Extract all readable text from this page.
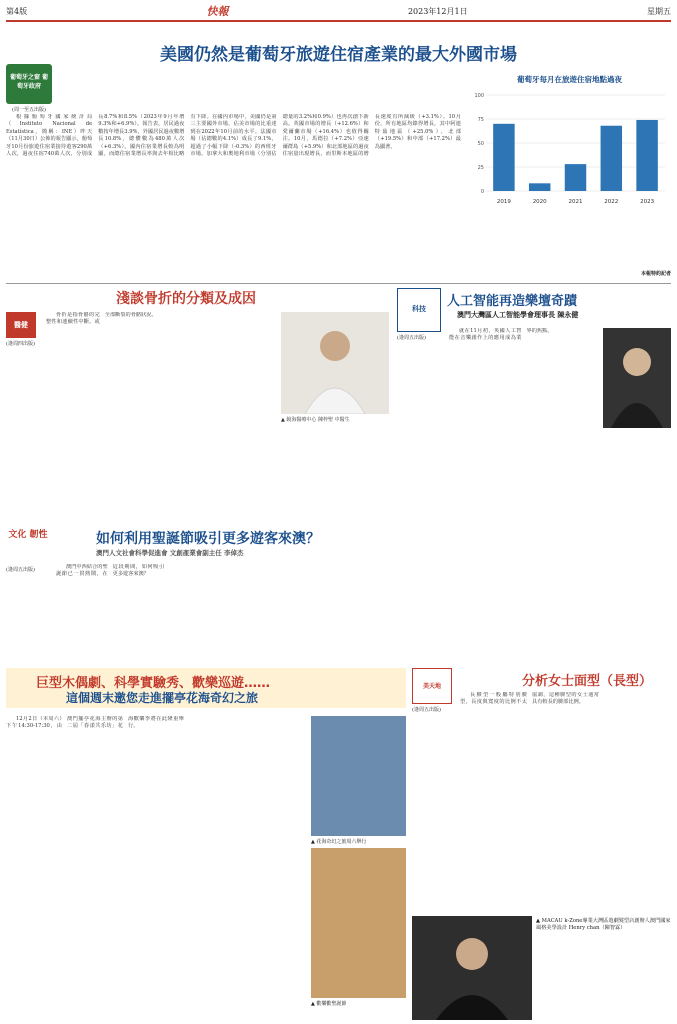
第4版	快報	2023年12月1日	星期五
美國仍然是葡萄牙旅遊住宿產業的最大外國市場
葡萄牙之窗 葡萄牙政府
(周一至五出版)

根據葡萄牙國家統計局（Instituto Nacional de Estatística，簡稱：INE）昨天（11月30日）公佈的報告顯示，葡萄牙10月份旅遊住宿業接待遊客290萬人次，過夜住宿740萬人次，分別成長8.7%和8.5%（2023年9月年增9.3%和+6.9%）。報告表，居民過夜數按年增長3.9%，外國居民過夜數增長10.8%，總體數為480萬人次（+6.3%）。國內住宿業增長較為明顯，而總住宿業增長率與去年相比略有下降。在國內市場中，美國仍是第三主要國外市場，佔美市場的比重達到在2022年10月前的水平。法國市場（佔總數的4.1%）成長了9.1%，超過了小幅下降（-0.3%）的西班牙市場。加拿大和奧地利市場（分別佔總量的3.2%和0.9%）也再次創下新高。英國市場的增長（+12.6%）和愛爾蘭市場（+16.4%）也值得關注。10月，馬德拉（+7.2%）亞速爾群島（+5.9%）和北部地區的過夜住宿量出現增長，而里斯本地區的增長速度有所減緩（+3.1%）。10月份，所有地區均錄得增長，其中阿連特茹地區（+25.0%）、北部（+19.5%）和中部（+17.2%）最為顯著。

葡萄牙每月在旅遊住宿地點過夜
0
25
50
75
100
2019	2020	2021	2022	2023
本報特約記者
淺談骨折的分類及成因
醫健
(逢周四出版)

骨折是指骨骼的完整性和連續性中斷。或全部斷裂的骨骼狀況。

▲ 鏡海醫療中心 陳梓聖 中醫生
科技
(逢周五出版)
人工智能再造樂壇奇蹟
澳門大灣區人工智能學會理事長 陳永健

就在11月初，英國人工智能在音樂創作上的應用成為業界的焦點。

文化 韌性
(逢周五出版)
如何利用聖誕節吸引更多遊客來澳？
澳門人文社會科學促進會 文創產業會副主任 李倬杰

澳門中西結合的聖誕節已一貫熱鬧，在這段期間，如何吸引更多遊客來澳？

巨型木偶劇、科學實驗秀、歡樂巡遊……
這個週末邀您走進擺亭花海奇幻之旅

12月2日（本周六）下午14:30-17:30，由澳門擺亭花海主辦的第二屆「春漾共乐坊」花海歡樂季將在此隆重舉行。

▲ 花海奇幻之旅周六舉行
▲ 歡樂歡聖誕節
美天地
(逢周五出版)
分析女士面型（長型）

長臉型一般屬特別臉型，長度與寬度的比例不太協調，這種臉型的女士通常具有較長的臉部比例。

▲ MACAU k-Zone專業大灣區遊劇髮型店創辦人澳門國家風格美學設計 Henry chan（陳智霖）
